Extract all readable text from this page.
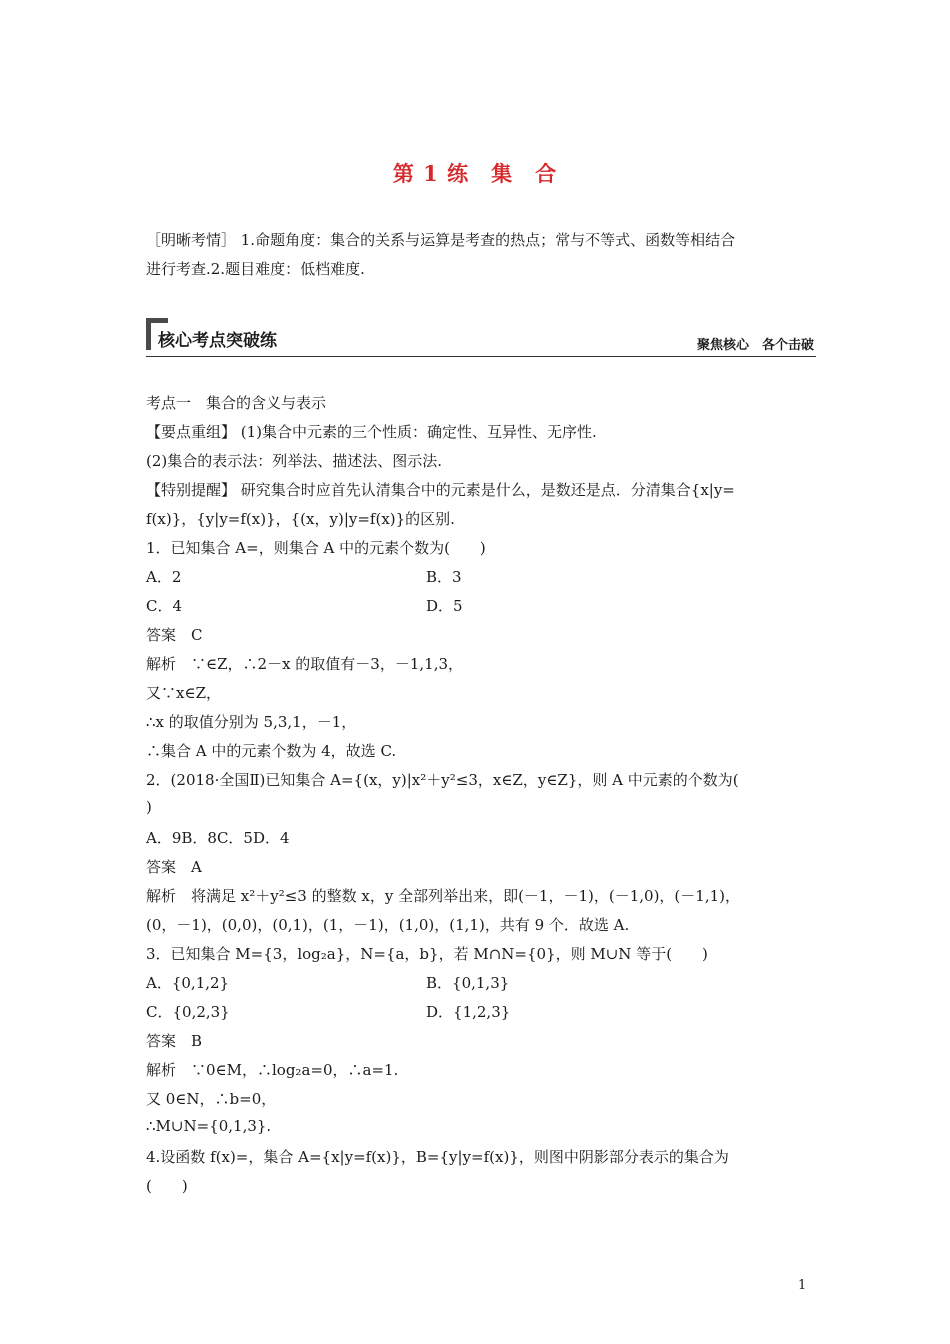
第 1 练　集　合
［明晰考情］ 1.命题角度：集合的关系与运算是考查的热点；常与不等式、函数等相结合
进行考查.2.题目难度：低档难度.
核心考点突破练	聚焦核心　各个击破
考点一　集合的含义与表示
【要点重组】 (1)集合中元素的三个性质：确定性、互异性、无序性.
(2)集合的表示法：列举法、描述法、图示法.
【特别提醒】 研究集合时应首先认清集合中的元素是什么，是数还是点．分清集合{x|y=
f(x)}，{y|y=f(x)}，{(x，y)|y=f(x)}的区别.
1．已知集合 A=，则集合 A 中的元素个数为(　　)
A．2	B．3
C．4	D．5
答案　C
解析　∵∈Z，∴2－x 的取值有－3，－1,1,3，
又∵x∈Z，
∴x 的取值分别为 5,3,1，－1，
∴集合 A 中的元素个数为 4，故选 C.
2．(2018·全国Ⅱ)已知集合 A={(x，y)|x²＋y²≤3，x∈Z，y∈Z}，则 A 中元素的个数为(
)
A．9B．8C．5D．4
答案　A
解析　将满足 x²＋y²≤3 的整数 x，y 全部列举出来，即(－1，－1)，(－1,0)，(－1,1)，
(0，－1)，(0,0)，(0,1)，(1，－1)，(1,0)，(1,1)，共有 9 个．故选 A.
3．已知集合 M={3，log₂a}，N={a，b}，若 M∩N={0}，则 M∪N 等于(　　)
A．{0,1,2}	B．{0,1,3}
C．{0,2,3}	D．{1,2,3}
答案　B
解析　∵0∈M，∴log₂a=0，∴a=1.
又 0∈N，∴b=0，
∴M∪N={0,1,3}.
4.设函数 f(x)=，集合 A={x|y=f(x)}，B={y|y=f(x)}，则图中阴影部分表示的集合为
(　　)
1
